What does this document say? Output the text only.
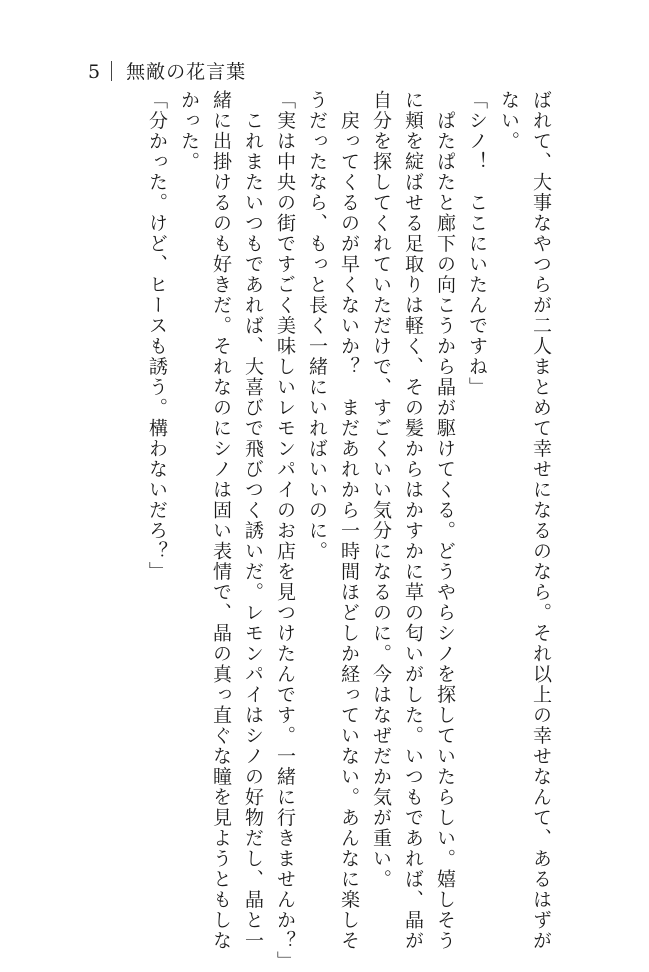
5 無敵の花言葉

ばれて、大事なやつらが二人まとめて幸せになるのなら。それ以上の幸せなんて、あるはずが

ない。

「シノ！　ここにいたんですね」

　ぱたぱたと廊下の向こうから晶が駆けてくる。どうやらシノを探していたらしい。嬉しそう

に頬を綻ばせる足取りは軽く、その髪からはかすかに草の匂いがした。いつもであれば、晶が

自分を探してくれていただけで、すごくいい気分になるのに。今はなぜだか気が重い。

　戻ってくるのが早くないか？　まだあれから一時間ほどしか経っていない。あんなに楽しそ

うだったなら、もっと長く一緒にいればいいのに。

「実は中央の街ですごく美味しいレモンパイのお店を見つけたんです。一緒に行きませんか？」

　これまたいつもであれば、大喜びで飛びつく誘いだ。レモンパイはシノの好物だし、晶と一

緒に出掛けるのも好きだ。それなのにシノは固い表情で、晶の真っ直ぐな瞳を見ようともしな

かった。

「分かった。けど、ヒースも誘う。構わないだろ？」
